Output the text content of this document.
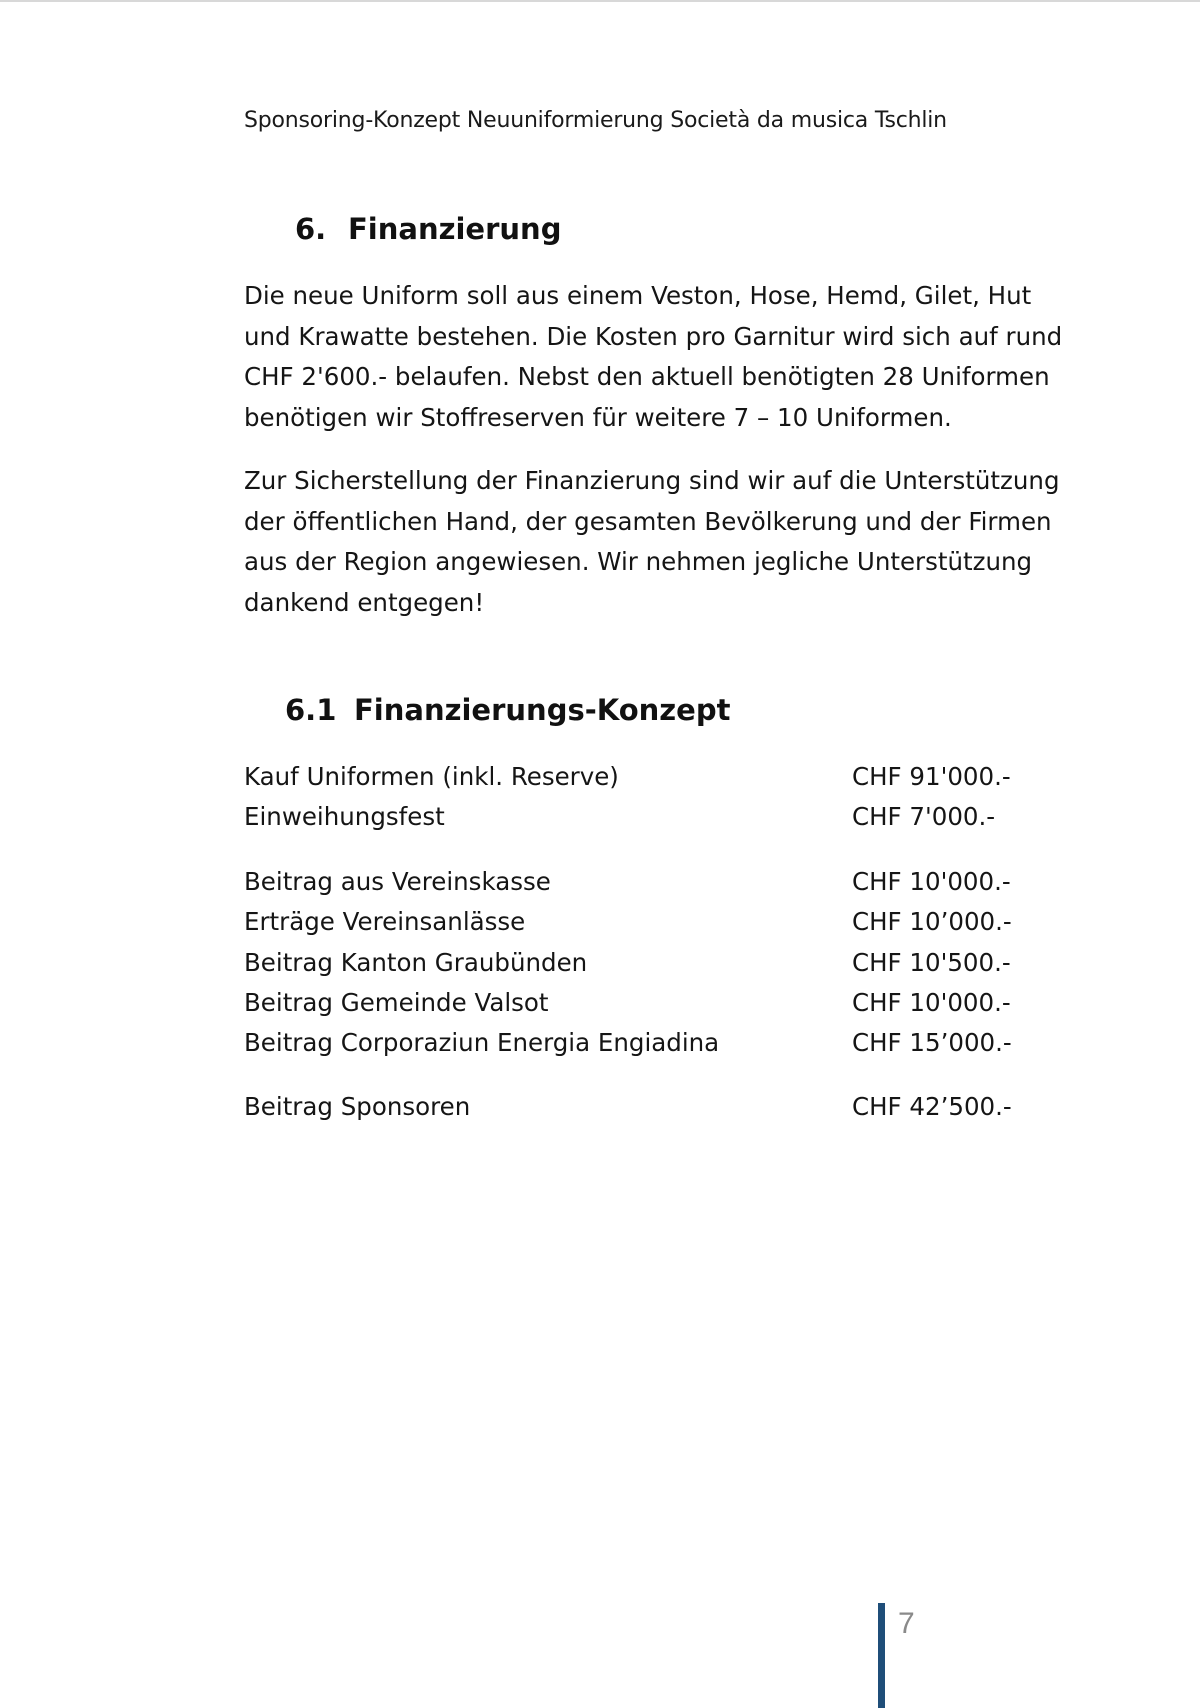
Sponsoring-Konzept Neuuniformierung Società da musica Tschlin
6. Finanzierung
Die neue Uniform soll aus einem Veston, Hose, Hemd, Gilet, Hut
und Krawatte bestehen. Die Kosten pro Garnitur wird sich auf rund
CHF 2'600.- belaufen. Nebst den aktuell benötigten 28 Uniformen
benötigen wir Stoffreserven für weitere 7 – 10 Uniformen.
Zur Sicherstellung der Finanzierung sind wir auf die Unterstützung
der öffentlichen Hand, der gesamten Bevölkerung und der Firmen
aus der Region angewiesen. Wir nehmen jegliche Unterstützung
dankend entgegen!
6.1 Finanzierungs-Konzept
Kauf Uniformen (inkl. Reserve)	CHF 91'000.-
Einweihungsfest	CHF 7'000.-
Beitrag aus Vereinskasse	CHF 10'000.-
Erträge Vereinsanlässe	CHF 10’000.-
Beitrag Kanton Graubünden	CHF 10'500.-
Beitrag Gemeinde Valsot	CHF 10'000.-
Beitrag Corporaziun Energia Engiadina	CHF 15’000.-
Beitrag Sponsoren	CHF 42’500.-
7
